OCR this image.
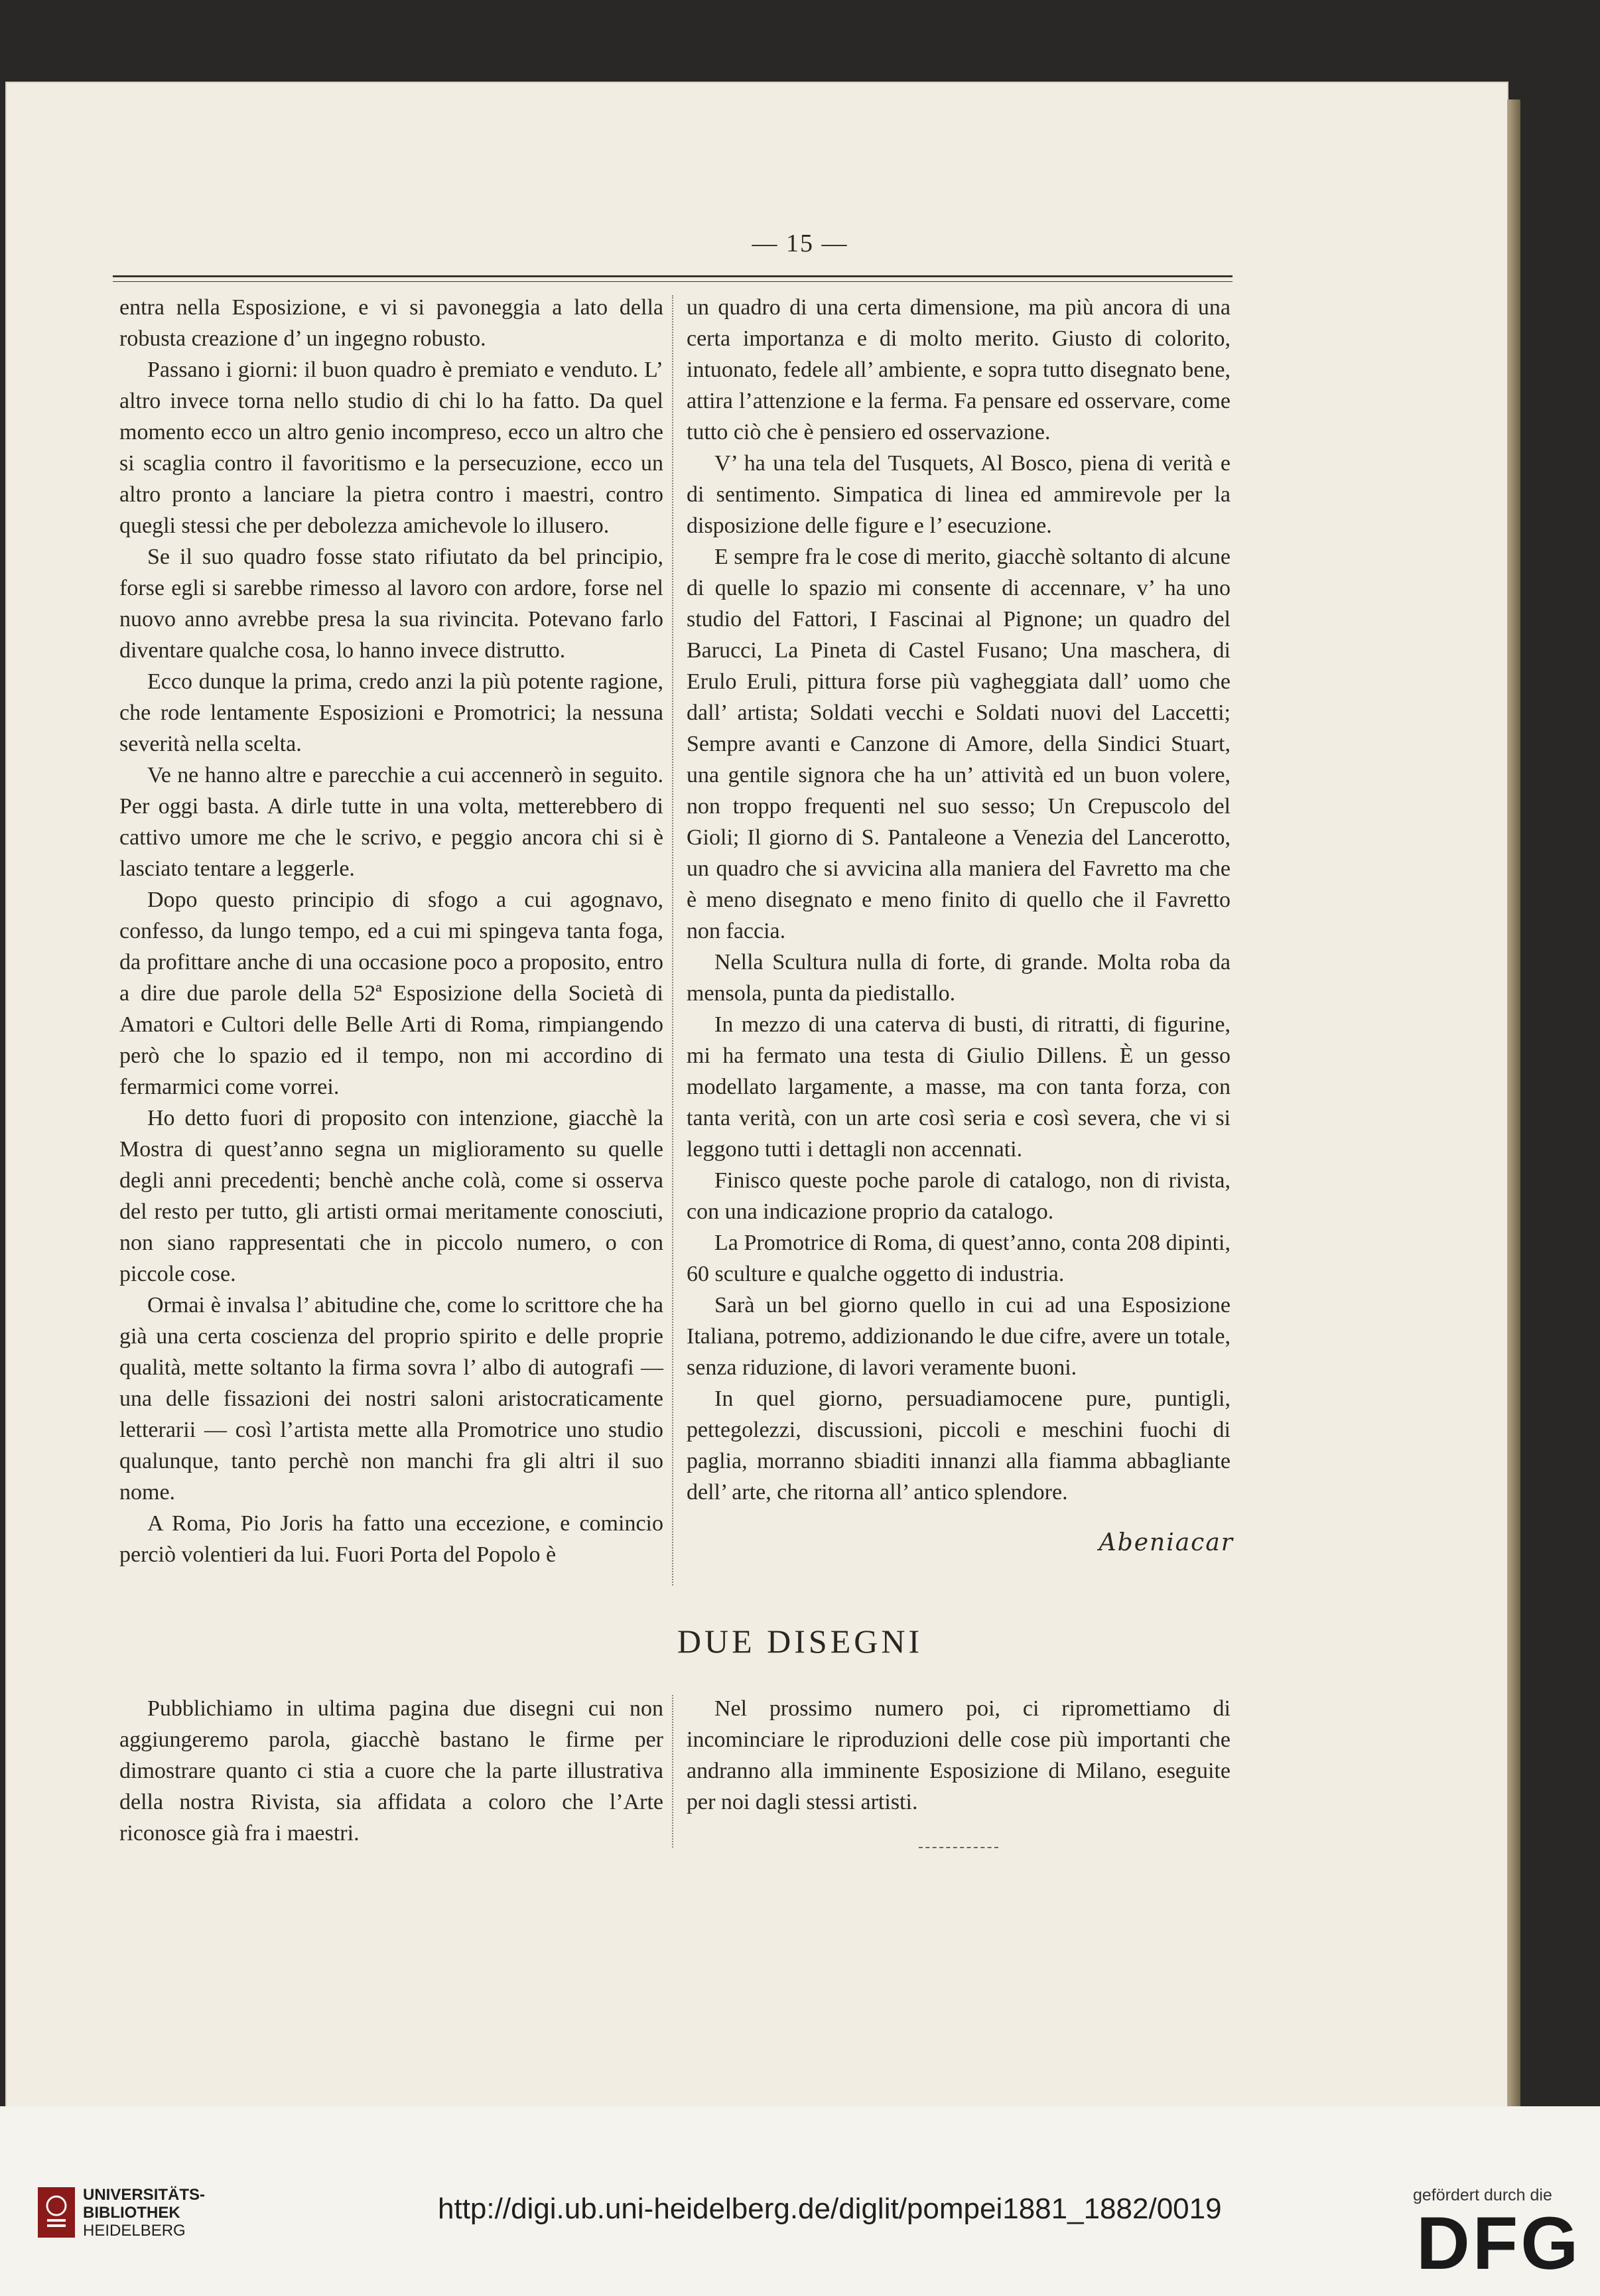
— 15 —

entra nella Esposizione, e vi si pavoneggia a lato della robusta creazione d’ un ingegno robusto.

Passano i giorni: il buon quadro è premiato e venduto. L’ altro invece torna nello studio di chi lo ha fatto. Da quel momento ecco un altro genio incompreso, ecco un altro che si scaglia contro il favoritismo e la persecuzione, ecco un altro pronto a lanciare la pietra contro i maestri, contro quegli stessi che per debolezza amichevole lo illusero.

Se il suo quadro fosse stato rifiutato da bel principio, forse egli si sarebbe rimesso al lavoro con ardore, forse nel nuovo anno avrebbe presa la sua rivincita. Potevano farlo diventare qualche cosa, lo hanno invece distrutto.

Ecco dunque la prima, credo anzi la più potente ragione, che rode lentamente Esposizioni e Promotrici; la nessuna severità nella scelta.

Ve ne hanno altre e parecchie a cui accennerò in seguito. Per oggi basta. A dirle tutte in una volta, metterebbero di cattivo umore me che le scrivo, e peggio ancora chi si è lasciato tentare a leggerle.

Dopo questo principio di sfogo a cui agognavo, confesso, da lungo tempo, ed a cui mi spingeva tanta foga, da profittare anche di una occasione poco a proposito, entro a dire due parole della 52ª Esposizione della Società di Amatori e Cultori delle Belle Arti di Roma, rimpiangendo però che lo spazio ed il tempo, non mi accordino di fermarmici come vorrei.

Ho detto fuori di proposito con intenzione, giacchè la Mostra di quest’anno segna un miglioramento su quelle degli anni precedenti; benchè anche colà, come si osserva del resto per tutto, gli artisti ormai meritamente conosciuti, non siano rappresentati che in piccolo numero, o con piccole cose.

Ormai è invalsa l’ abitudine che, come lo scrittore che ha già una certa coscienza del proprio spirito e delle proprie qualità, mette soltanto la firma sovra l’ albo di autografi — una delle fissazioni dei nostri saloni aristocraticamente letterarii — così l’artista mette alla Promotrice uno studio qualunque, tanto perchè non manchi fra gli altri il suo nome.

A Roma, Pio Joris ha fatto una eccezione, e comincio perciò volentieri da lui. Fuori Porta del Popolo è

un quadro di una certa dimensione, ma più ancora di una certa importanza e di molto merito. Giusto di colorito, intuonato, fedele all’ ambiente, e sopra tutto disegnato bene, attira l’attenzione e la ferma. Fa pensare ed osservare, come tutto ciò che è pensiero ed osservazione.

V’ ha una tela del Tusquets, Al Bosco, piena di verità e di sentimento. Simpatica di linea ed ammirevole per la disposizione delle figure e l’ esecuzione.

E sempre fra le cose di merito, giacchè soltanto di alcune di quelle lo spazio mi consente di accennare, v’ ha uno studio del Fattori, I Fascinai al Pignone; un quadro del Barucci, La Pineta di Castel Fusano; Una maschera, di Erulo Eruli, pittura forse più vagheggiata dall’ uomo che dall’ artista; Soldati vecchi e Soldati nuovi del Laccetti; Sempre avanti e Canzone di Amore, della Sindici Stuart, una gentile signora che ha un’ attività ed un buon volere, non troppo frequenti nel suo sesso; Un Crepuscolo del Gioli; Il giorno di S. Pantaleone a Venezia del Lancerotto, un quadro che si avvicina alla maniera del Favretto ma che è meno disegnato e meno finito di quello che il Favretto non faccia.

Nella Scultura nulla di forte, di grande. Molta roba da mensola, punta da piedistallo.

In mezzo di una caterva di busti, di ritratti, di figurine, mi ha fermato una testa di Giulio Dillens. È un gesso modellato largamente, a masse, ma con tanta forza, con tanta verità, con un arte così seria e così severa, che vi si leggono tutti i dettagli non accennati.

Finisco queste poche parole di catalogo, non di rivista, con una indicazione proprio da catalogo.

La Promotrice di Roma, di quest’anno, conta 208 dipinti, 60 sculture e qualche oggetto di industria.

Sarà un bel giorno quello in cui ad una Esposizione Italiana, potremo, addizionando le due cifre, avere un totale, senza riduzione, di lavori veramente buoni.

In quel giorno, persuadiamocene pure, puntigli, pettegolezzi, discussioni, piccoli e meschini fuochi di paglia, morranno sbiaditi innanzi alla fiamma abbagliante dell’ arte, che ritorna all’ antico splendore.

Abeniacar
DUE DISEGNI

Pubblichiamo in ultima pagina due disegni cui non aggiungeremo parola, giacchè bastano le firme per dimostrare quanto ci stia a cuore che la parte illustrativa della nostra Rivista, sia affidata a coloro che l’Arte riconosce già fra i maestri.

Nel prossimo numero poi, ci ripromettiamo di incominciare le riproduzioni delle cose più importanti che andranno alla imminente Esposizione di Milano, eseguite per noi dagli stessi artisti.

UNIVERSITÄTS-
BIBLIOTHEK
HEIDELBERG
http://digi.ub.uni-heidelberg.de/diglit/pompei1881_1882/0019	gefördert durch die
DFG
